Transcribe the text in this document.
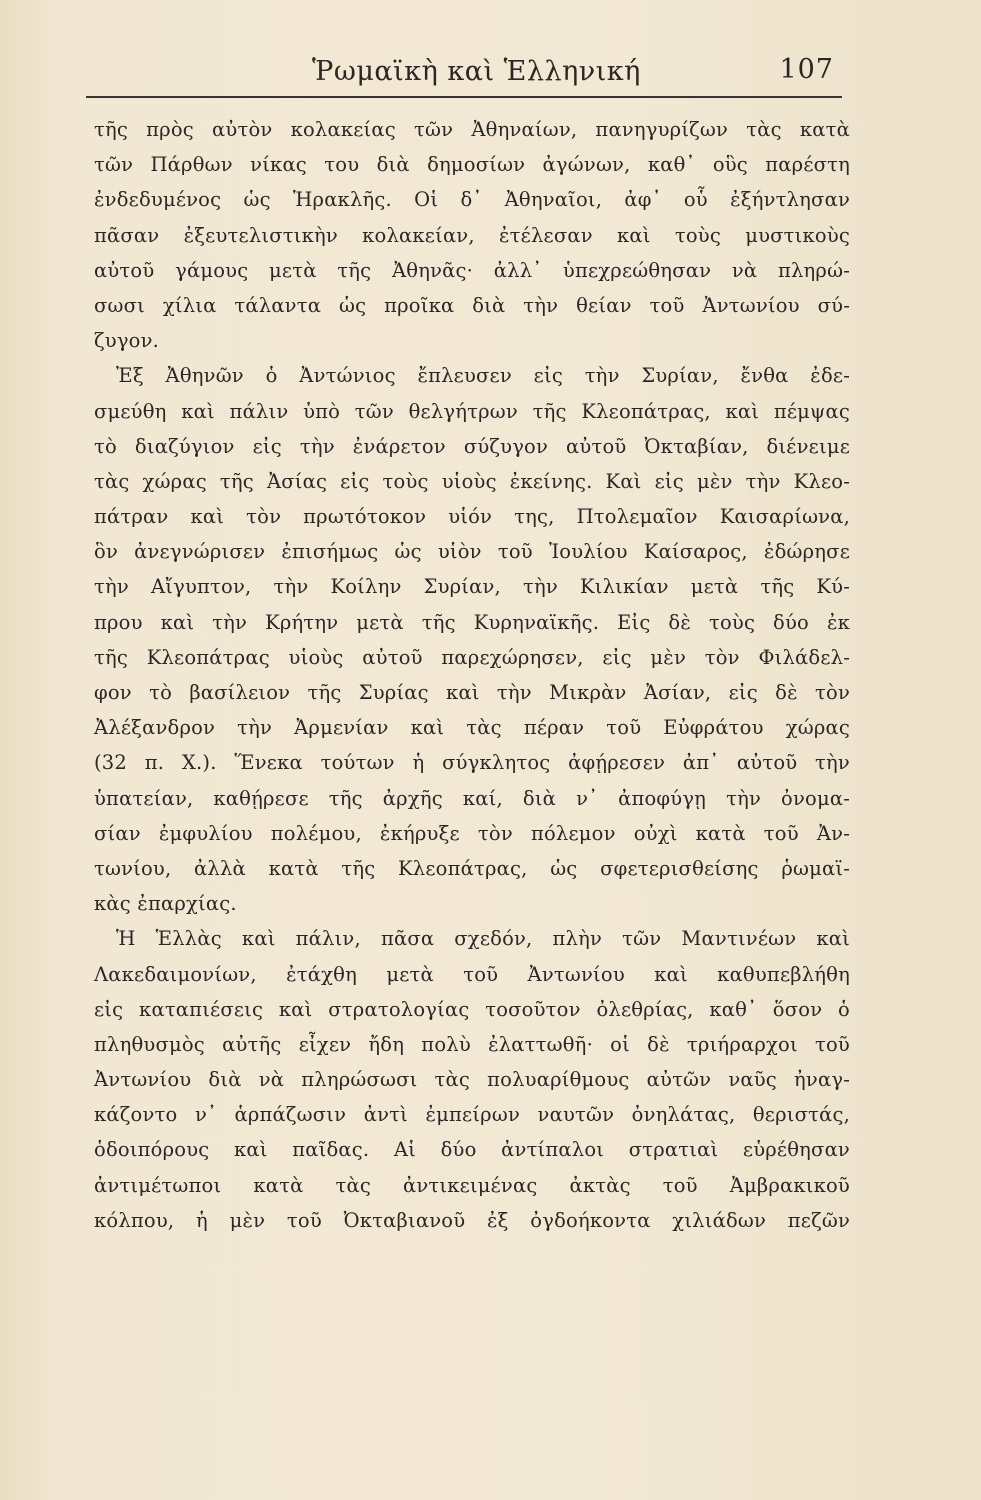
Ῥωμαϊκὴ καὶ Ἑλληνική	107
τῆς πρὸς αὐτὸν κολακείας τῶν Ἀθηναίων, πανηγυρίζων τὰς κατὰ
τῶν Πάρθων νίκας του διὰ δημοσίων ἀγώνων, καθ᾽ οὓς παρέστη
ἐνδεδυμένος ὡς Ἡρακλῆς. Οἱ δ᾽ Ἀθηναῖοι, ἀφ᾽ οὗ ἐξήντλησαν
πᾶσαν ἐξευτελιστικὴν κολακείαν, ἐτέλεσαν καὶ τοὺς μυστικοὺς
αὐτοῦ γάμους μετὰ τῆς Ἀθηνᾶς· ἀλλ᾽ ὑπεχρεώθησαν νὰ πληρώ-
σωσι χίλια τάλαντα ὡς προῖκα διὰ τὴν θείαν τοῦ Ἀντωνίου σύ-
ζυγον.
Ἐξ Ἀθηνῶν ὁ Ἀντώνιος ἔπλευσεν εἰς τὴν Συρίαν, ἔνθα ἐδε-
σμεύθη καὶ πάλιν ὑπὸ τῶν θελγήτρων τῆς Κλεοπάτρας, καὶ πέμψας
τὸ διαζύγιον εἰς τὴν ἐνάρετον σύζυγον αὐτοῦ Ὀκταβίαν, διένειμε
τὰς χώρας τῆς Ἀσίας εἰς τοὺς υἱοὺς ἐκείνης. Καὶ εἰς μὲν τὴν Κλεο-
πάτραν καὶ τὸν πρωτότοκον υἱόν της, Πτολεμαῖον Καισαρίωνα,
ὃν ἀνεγνώρισεν ἐπισήμως ὡς υἱὸν τοῦ Ἰουλίου Καίσαρος, ἐδώρησε
τὴν Αἴγυπτον, τὴν Κοίλην Συρίαν, τὴν Κιλικίαν μετὰ τῆς Κύ-
πρου καὶ τὴν Κρήτην μετὰ τῆς Κυρηναϊκῆς. Εἰς δὲ τοὺς δύο ἐκ
τῆς Κλεοπάτρας υἱοὺς αὐτοῦ παρεχώρησεν, εἰς μὲν τὸν Φιλάδελ-
φον τὸ βασίλειον τῆς Συρίας καὶ τὴν Μικρὰν Ἀσίαν, εἰς δὲ τὸν
Ἀλέξανδρον τὴν Ἀρμενίαν καὶ τὰς πέραν τοῦ Εὐφράτου χώρας
(32 π. Χ.). Ἕνεκα τούτων ἡ σύγκλητος ἀφῄρεσεν ἀπ᾽ αὐτοῦ τὴν
ὑπατείαν, καθῄρεσε τῆς ἀρχῆς καί, διὰ ν᾽ ἀποφύγῃ τὴν ὀνομα-
σίαν ἐμφυλίου πολέμου, ἐκήρυξε τὸν πόλεμον οὐχὶ κατὰ τοῦ Ἀν-
τωνίου, ἀλλὰ κατὰ τῆς Κλεοπάτρας, ὡς σφετερισθείσης ῥωμαϊ-
κὰς ἐπαρχίας.
Ἡ Ἑλλὰς καὶ πάλιν, πᾶσα σχεδόν, πλὴν τῶν Μαντινέων καὶ
Λακεδαιμονίων, ἐτάχθη μετὰ τοῦ Ἀντωνίου καὶ καθυπεβλήθη
εἰς καταπιέσεις καὶ στρατολογίας τοσοῦτον ὀλεθρίας, καθ᾽ ὅσον ὁ
πληθυσμὸς αὐτῆς εἶχεν ἤδη πολὺ ἐλαττωθῆ· οἱ δὲ τριήραρχοι τοῦ
Ἀντωνίου διὰ νὰ πληρώσωσι τὰς πολυαρίθμους αὐτῶν ναῦς ἠναγ-
κάζοντο ν᾽ ἁρπάζωσιν ἀντὶ ἐμπείρων ναυτῶν ὀνηλάτας, θεριστάς,
ὁδοιπόρους καὶ παῖδας. Αἱ δύο ἀντίπαλοι στρατιαὶ εὑρέθησαν
ἀντιμέτωποι κατὰ τὰς ἀντικειμένας ἀκτὰς τοῦ Ἀμβρακικοῦ
κόλπου, ἡ μὲν τοῦ Ὀκταβιανοῦ ἐξ ὀγδοήκοντα χιλιάδων πεζῶν
